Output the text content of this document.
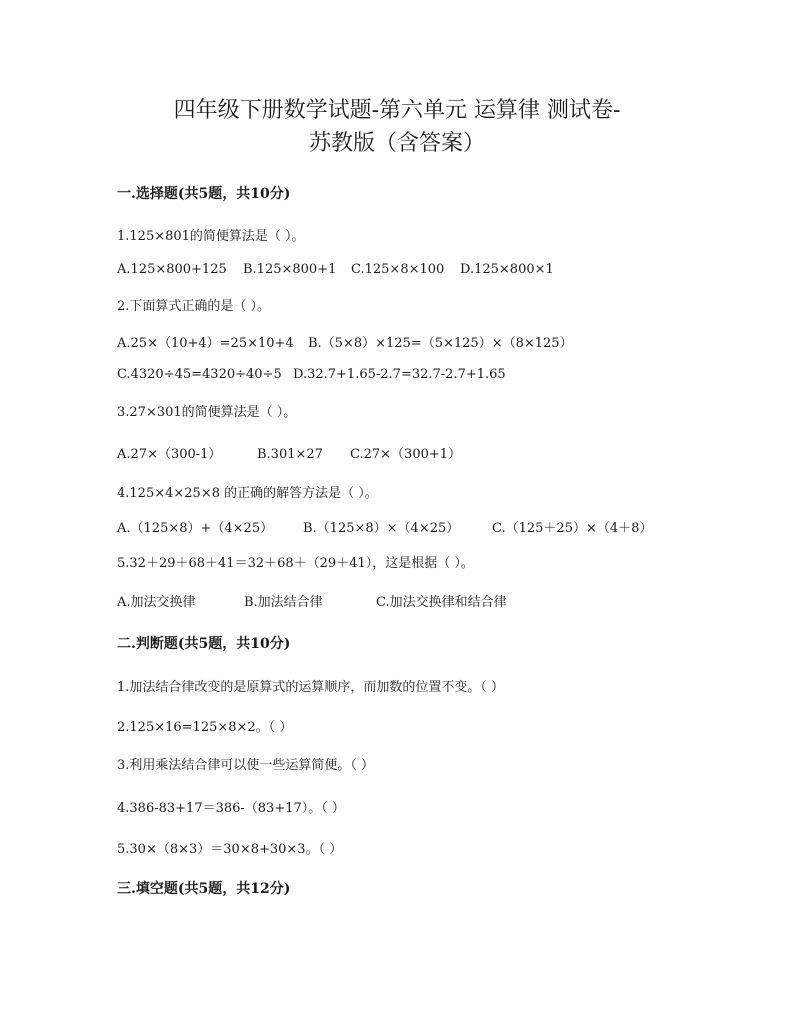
四年级下册数学试题-第六单元 运算律 测试卷-
苏教版（含答案）

一.选择题(共5题，共10分)

1.125×801的简便算法是（ ）。

A.125×800+125 B.125×800+1 C.125×8×100 D.125×800×1

2.下面算式正确的是（ ）。

A.25×（10+4）=25×10+4 B.（5×8）×125=（5×125）×（8×125）

C.4320÷45=4320÷40÷5 D.32.7+1.65-2.7=32.7-2.7+1.65

3.27×301的简便算法是（ ）。

A.27×（300-1）	B.301×27 C.27×（300+1）

4.125×4×25×8 的正确的解答方法是（ ）。

A.（125×8）+（4×25） B.（125×8）×（4×25）	C.（125＋25）×（4＋8）

5.32＋29＋68＋41＝32＋68＋（29＋41），这是根据（ ）。

A.加法交换律	B.加法结合律	C.加法交换律和结合律

二.判断题(共5题，共10分)

1.加法结合律改变的是原算式的运算顺序，而加数的位置不变。（ ）

2.125×16=125×8×2。（ ）

3.利用乘法结合律可以使一些运算简便。（ ）

4.386-83+17＝386-（83+17）。（ ）

5.30×（8×3）＝30×8+30×3。（ ）

三.填空题(共5题，共12分)
